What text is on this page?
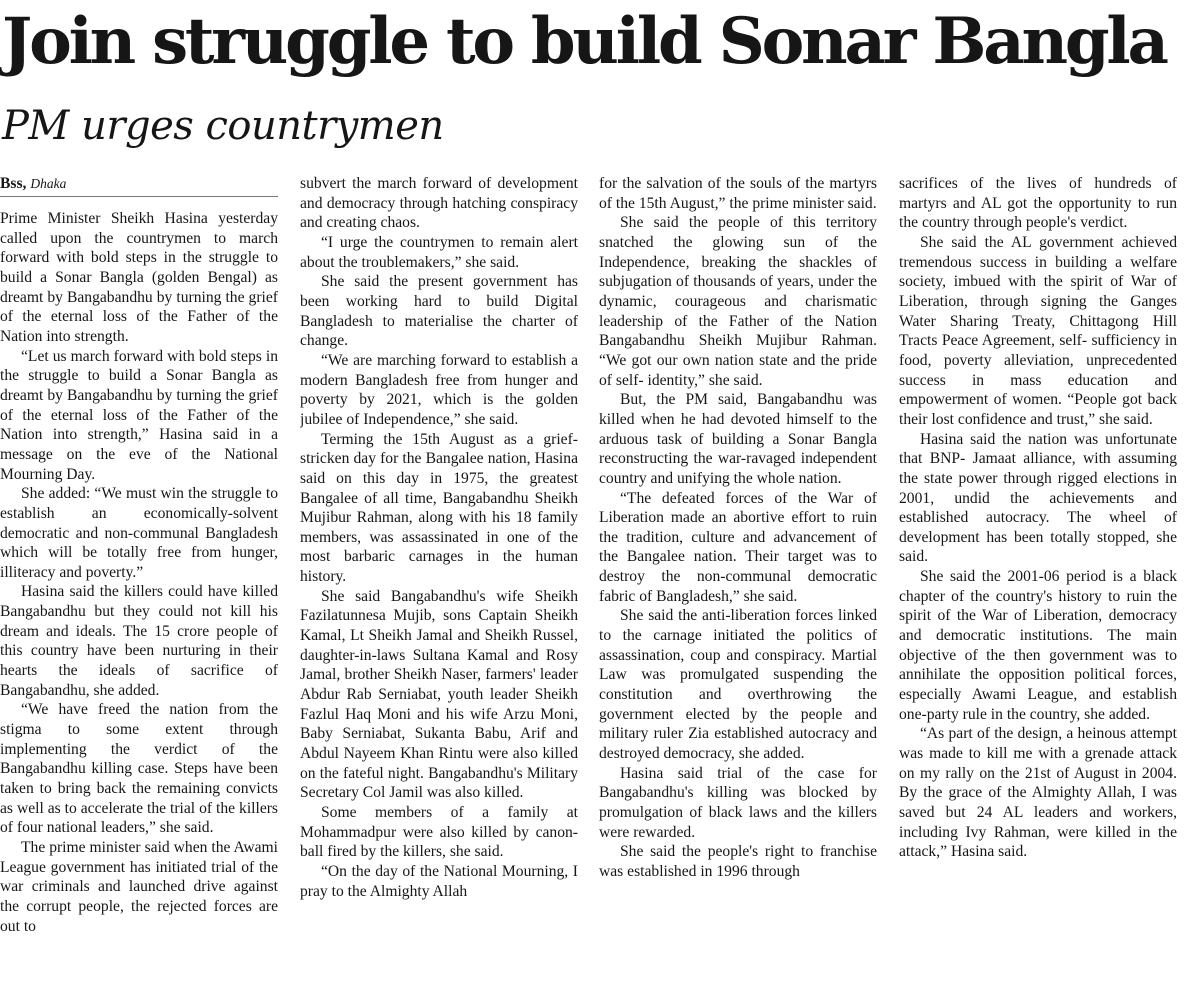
Join struggle to build Sonar Bangla
PM urges countrymen
Bss, Dhaka

Prime Minister Sheikh Hasina yesterday called upon the countrymen to march forward with bold steps in the struggle to build a Sonar Bangla (golden Bengal) as dreamt by Bangabandhu by turning the grief of the eternal loss of the Father of the Nation into strength.

“Let us march forward with bold steps in the struggle to build a Sonar Bangla as dreamt by Bangabandhu by turning the grief of the eternal loss of the Father of the Nation into strength,” Hasina said in a message on the eve of the National Mourning Day.

She added: “We must win the struggle to establish an economically-solvent democratic and non-communal Bangladesh which will be totally free from hunger, illiteracy and poverty.”

Hasina said the killers could have killed Bangabandhu but they could not kill his dream and ideals. The 15 crore people of this country have been nurturing in their hearts the ideals of sacrifice of Bangabandhu, she added.

“We have freed the nation from the stigma to some extent through implementing the verdict of the Bangabandhu killing case. Steps have been taken to bring back the remaining convicts as well as to accelerate the trial of the killers of four national leaders,” she said.

The prime minister said when the Awami League government has initiated trial of the war criminals and launched drive against the corrupt people, the rejected forces are out to

subvert the march forward of development and democracy through hatching conspiracy and creating chaos.

“I urge the countrymen to remain alert about the troublemakers,” she said.

She said the present government has been working hard to build Digital Bangladesh to materialise the charter of change.

“We are marching forward to establish a modern Bangladesh free from hunger and poverty by 2021, which is the golden jubilee of Independence,” she said.

Terming the 15th August as a grief-stricken day for the Bangalee nation, Hasina said on this day in 1975, the greatest Bangalee of all time, Bangabandhu Sheikh Mujibur Rahman, along with his 18 family members, was assassinated in one of the most barbaric carnages in the human history.

She said Bangabandhu's wife Sheikh Fazilatunnesa Mujib, sons Captain Sheikh Kamal, Lt Sheikh Jamal and Sheikh Russel, daughter-in-laws Sultana Kamal and Rosy Jamal, brother Sheikh Naser, farmers' leader Abdur Rab Serniabat, youth leader Sheikh Fazlul Haq Moni and his wife Arzu Moni, Baby Serniabat, Sukanta Babu, Arif and Abdul Nayeem Khan Rintu were also killed on the fateful night. Bangabandhu's Military Secretary Col Jamil was also killed.

Some members of a family at Mohammadpur were also killed by canon-ball fired by the killers, she said.

“On the day of the National Mourning, I pray to the Almighty Allah

for the salvation of the souls of the martyrs of the 15th August,” the prime minister said.

She said the people of this territory snatched the glowing sun of the Independence, breaking the shackles of subjugation of thousands of years, under the dynamic, courageous and charismatic leadership of the Father of the Nation Bangabandhu Sheikh Mujibur Rahman. “We got our own nation state and the pride of self- identity,” she said.

But, the PM said, Bangabandhu was killed when he had devoted himself to the arduous task of building a Sonar Bangla reconstructing the war-ravaged independent country and unifying the whole nation.

“The defeated forces of the War of Liberation made an abortive effort to ruin the tradition, culture and advancement of the Bangalee nation. Their target was to destroy the non-communal democratic fabric of Bangladesh,” she said.

She said the anti-liberation forces linked to the carnage initiated the politics of assassination, coup and conspiracy. Martial Law was promulgated suspending the constitution and overthrowing the government elected by the people and military ruler Zia established autocracy and destroyed democracy, she added.

Hasina said trial of the case for Bangabandhu's killing was blocked by promulgation of black laws and the killers were rewarded.

She said the people's right to franchise was established in 1996 through

sacrifices of the lives of hundreds of martyrs and AL got the opportunity to run the country through people's verdict.

She said the AL government achieved tremendous success in building a welfare society, imbued with the spirit of War of Liberation, through signing the Ganges Water Sharing Treaty, Chittagong Hill Tracts Peace Agreement, self- sufficiency in food, poverty alleviation, unprecedented success in mass education and empowerment of women. “People got back their lost confidence and trust,” she said.

Hasina said the nation was unfortunate that BNP- Jamaat alliance, with assuming the state power through rigged elections in 2001, undid the achievements and established autocracy. The wheel of development has been totally stopped, she said.

She said the 2001-06 period is a black chapter of the country's history to ruin the spirit of the War of Liberation, democracy and democratic institutions. The main objective of the then government was to annihilate the opposition political forces, especially Awami League, and establish one-party rule in the country, she added.

“As part of the design, a heinous attempt was made to kill me with a grenade attack on my rally on the 21st of August in 2004. By the grace of the Almighty Allah, I was saved but 24 AL leaders and workers, including Ivy Rahman, were killed in the attack,” Hasina said.
